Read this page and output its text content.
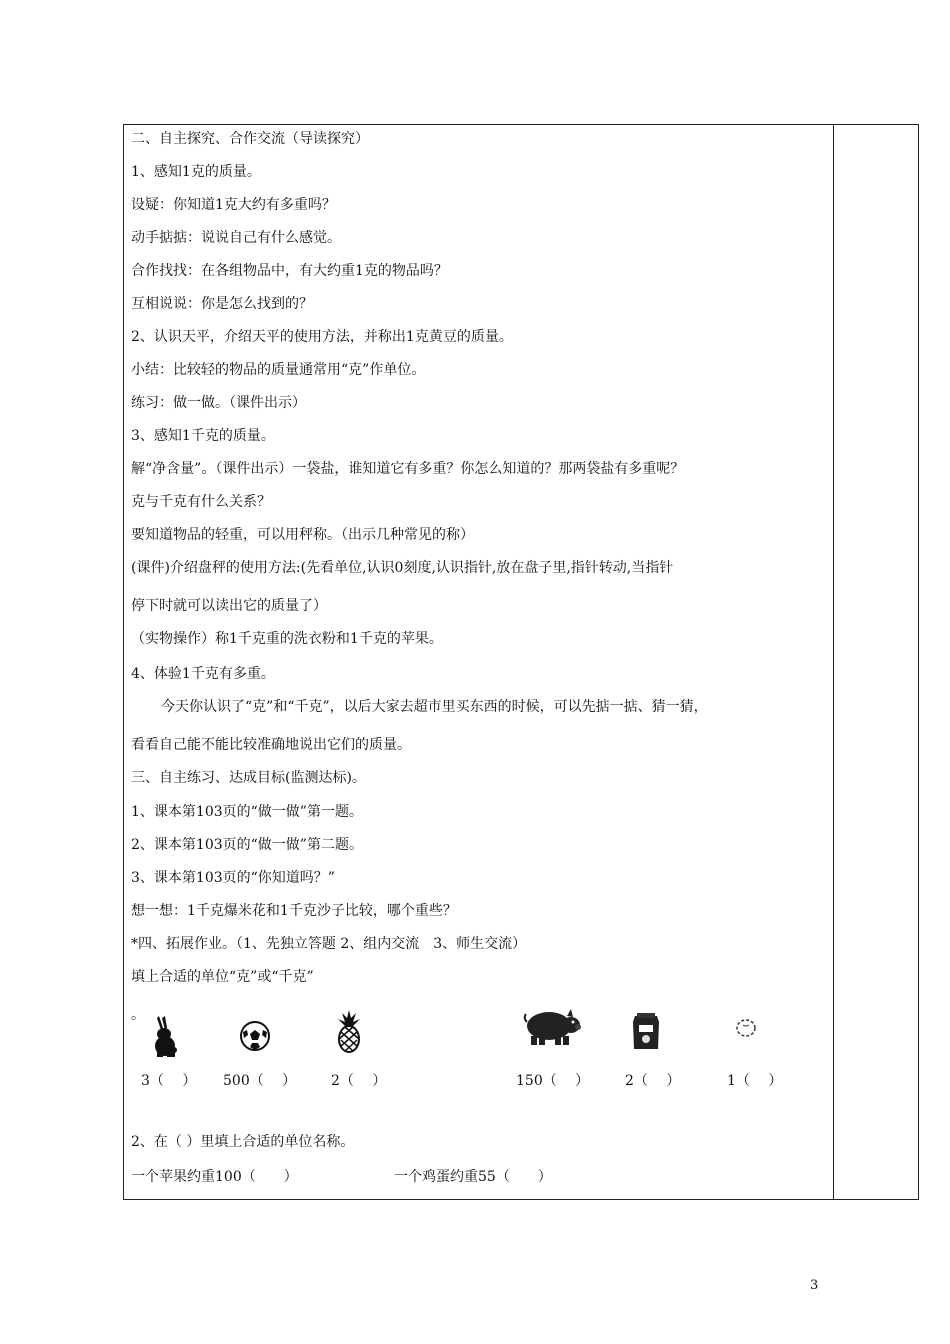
二、自主探究、合作交流（导读探究）
1、感知1克的质量。
设疑：你知道1克大约有多重吗？
动手掂掂：说说自己有什么感觉。
合作找找：在各组物品中，有大约重1克的物品吗？
互相说说：你是怎么找到的？
2、认识天平，介绍天平的使用方法，并称出1克黄豆的质量。
小结：比较轻的物品的质量通常用“克”作单位。
练习：做一做。（课件出示）
3、感知1千克的质量。
解“净含量”。（课件出示）一袋盐，谁知道它有多重？你怎么知道的？那两袋盐有多重呢？
克与千克有什么关系？
要知道物品的轻重，可以用秤称。（出示几种常见的称）
(课件)介绍盘秤的使用方法:(先看单位,认识0刻度,认识指针,放在盘子里,指针转动,当指针
停下时就可以读出它的质量了）
（实物操作）称1千克重的洗衣粉和1千克的苹果。
4、体验1千克有多重。
今天你认识了“克”和“千克”，以后大家去超市里买东西的时候，可以先掂一掂、猜一猜，
看看自己能不能比较准确地说出它们的质量。
三、自主练习、达成目标(监测达标)。
1、课本第103页的“做一做”第一题。
2、课本第103页的“做一做”第二题。
3、课本第103页的“你知道吗？”
想一想：1千克爆米花和1千克沙子比较，哪个重些？
*四、拓展作业。（1、先独立答题 2、组内交流　3、师生交流）
填上合适的单位“克”或“千克”
。
3（　 ） 500（　 ） 2（　 ）	150（　 ）	2（　 ）	1（　 ）
2、在（ ）里填上合适的单位名称。
一个苹果约重100（　　）	一个鸡蛋约重55（　　）
3
